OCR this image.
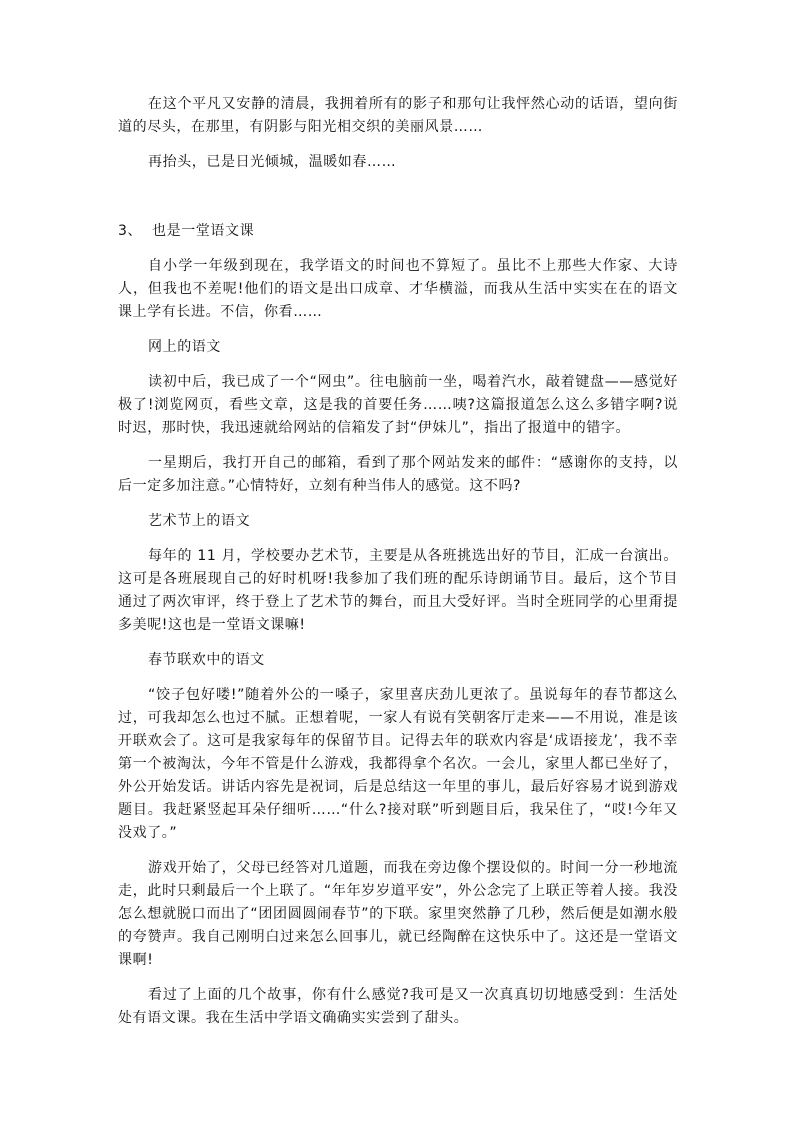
在这个平凡又安静的清晨，我拥着所有的影子和那句让我怦然心动的话语，望向街道的尽头，在那里，有阴影与阳光相交织的美丽风景……

再抬头，已是日光倾城，温暖如春……

3、 也是一堂语文课

自小学一年级到现在，我学语文的时间也不算短了。虽比不上那些大作家、大诗人，但我也不差呢!他们的语文是出口成章、才华横溢，而我从生活中实实在在的语文课上学有长进。不信，你看……

网上的语文

读初中后，我已成了一个“网虫”。往电脑前一坐，喝着汽水，敲着键盘——感觉好极了!浏览网页，看些文章，这是我的首要任务……咦?这篇报道怎么这么多错字啊?说时迟，那时快，我迅速就给网站的信箱发了封“伊妹儿”，指出了报道中的错字。

一星期后，我打开自己的邮箱，看到了那个网站发来的邮件：“感谢你的支持，以后一定多加注意。”心情特好，立刻有种当伟人的感觉。这不吗?

艺术节上的语文

每年的 11 月，学校要办艺术节，主要是从各班挑选出好的节目，汇成一台演出。这可是各班展现自己的好时机呀!我参加了我们班的配乐诗朗诵节目。最后，这个节目通过了两次审评，终于登上了艺术节的舞台，而且大受好评。当时全班同学的心里甭提多美呢!这也是一堂语文课嘛!

春节联欢中的语文

“饺子包好喽!”随着外公的一嗓子，家里喜庆劲儿更浓了。虽说每年的春节都这么过，可我却怎么也过不腻。正想着呢，一家人有说有笑朝客厅走来——不用说，准是该开联欢会了。这可是我家每年的保留节目。记得去年的联欢内容是‘成语接龙’，我不幸第一个被淘汰，今年不管是什么游戏，我都得拿个名次。一会儿，家里人都已坐好了，外公开始发话。讲话内容先是祝词，后是总结这一年里的事儿，最后好容易才说到游戏题目。我赶紧竖起耳朵仔细听……“什么?接对联”听到题目后，我呆住了，“哎!今年又没戏了。”

游戏开始了，父母已经答对几道题，而我在旁边像个摆设似的。时间一分一秒地流走，此时只剩最后一个上联了。“年年岁岁道平安”，外公念完了上联正等着人接。我没怎么想就脱口而出了“团团圆圆闹春节”的下联。家里突然静了几秒，然后便是如潮水般的夸赞声。我自己刚明白过来怎么回事儿，就已经陶醉在这快乐中了。这还是一堂语文课啊!

看过了上面的几个故事，你有什么感觉?我可是又一次真真切切地感受到：生活处处有语文课。我在生活中学语文确确实实尝到了甜头。
